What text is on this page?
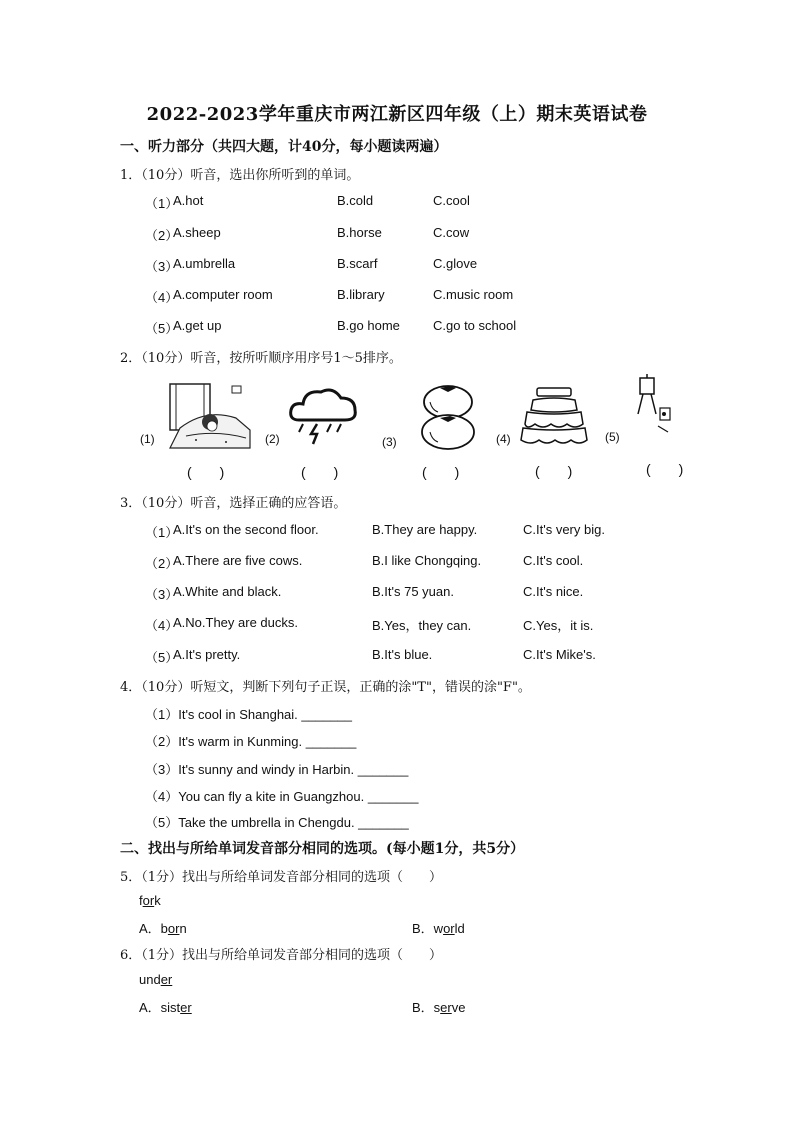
2022-2023学年重庆市两江新区四年级（上）期末英语试卷
一、听力部分（共四大题，计40分，每小题读两遍）
1．（10分）听音，选出你所听到的单词。
（1）
A.hot	B.cold	C.cool
（2）
A.sheep	B.horse	C.cow
（3）
A.umbrella	B.scarf	C.glove
（4）
A.computer room	B.library	C.music room
（5）
A.get up	B.go home	C.go to school
2．（10分）听音，按所听顺序用序号1～5排序。
(1)	(2)	(3)	(4)	(5)
(　　)	(　　)	(　　)	(　　)	(　　)
3．（10分）听音，选择正确的应答语。
（1）
A.It's on the second floor.	B.They are happy.	C.It's very big.
（2）
A.There are five cows.	B.I like Chongqing.	C.It's cool.
（3）
A.White and black.	B.It's 75 yuan.	C.It's nice.
（4）
A.No.They are ducks.	B.Yes，they can.	C.Yes，it is.
（5）
A.It's pretty.	B.It's blue.	C.It's Mike's.
4．（10分）听短文，判断下列句子正误，正确的涂"T"，错误的涂"F"。
（1）It's cool in Shanghai. _______
（2）It's warm in Kunming. _______
（3）It's sunny and windy in Harbin. _______
（4）You can fly a kite in Guangzhou. _______
（5）Take the umbrella in Chengdu. _______
二、找出与所给单词发音部分相同的选项。(每小题1分，共5分）
5．（1分）找出与所给单词发音部分相同的选项（　　）
fork
A．born	B．world
6．（1分）找出与所给单词发音部分相同的选项（　　）
under
A．sister	B．serve
